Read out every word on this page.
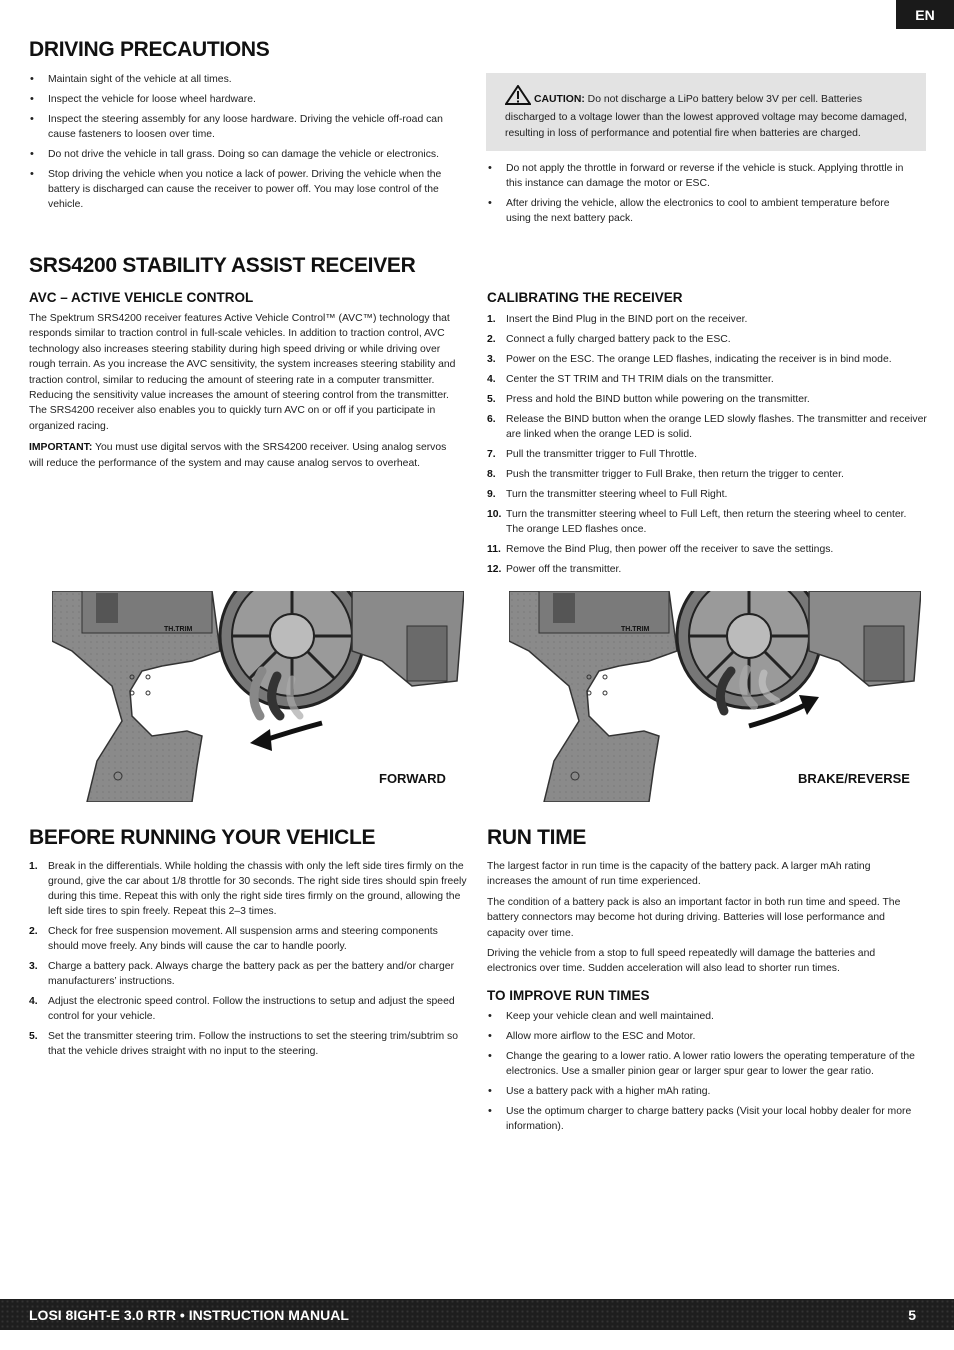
EN
DRIVING PRECAUTIONS
• Maintain sight of the vehicle at all times.
• Inspect the vehicle for loose wheel hardware.
• Inspect the steering assembly for any loose hardware. Driving the vehicle off-road can cause fasteners to loosen over time.
• Do not drive the vehicle in tall grass. Doing so can damage the vehicle or electronics.
• Stop driving the vehicle when you notice a lack of power. Driving the vehicle when the battery is discharged can cause the receiver to power off. You may lose control of the vehicle.

CAUTION: Do not discharge a LiPo battery below 3V per cell. Batteries discharged to a voltage lower than the lowest approved voltage may become damaged, resulting in loss of performance and potential fire when batteries are charged.

• Do not apply the throttle in forward or reverse if the vehicle is stuck. Applying throttle in this instance can damage the motor or ESC.
• After driving the vehicle, allow the electronics to cool to ambient temperature before using the next battery pack.
SRS4200 STABILITY ASSIST RECEIVER
AVC – ACTIVE VEHICLE CONTROL

The Spektrum SRS4200 receiver features Active Vehicle Control™ (AVC™) technology that responds similar to traction control in full-scale vehicles. In addition to traction control, AVC technology also increases steering stability during high speed driving or while driving over rough terrain. As you increase the AVC sensitivity, the system increases steering stability and traction control, similar to reducing the amount of steering rate in a computer transmitter. Reducing the sensitivity value increases the amount of steering control from the transmitter. The SRS4200 receiver also enables you to quickly turn AVC on or off if you participate in organized racing.

IMPORTANT: You must use digital servos with the SRS4200 receiver. Using analog servos will reduce the performance of the system and may cause analog servos to overheat.

CALIBRATING THE RECEIVER
1. Insert the Bind Plug in the BIND port on the receiver.
2. Connect a fully charged battery pack to the ESC.
3. Power on the ESC. The orange LED flashes, indicating the receiver is in bind mode.
4. Center the ST TRIM and TH TRIM dials on the transmitter.
5. Press and hold the BIND button while powering on the transmitter.
6. Release the BIND button when the orange LED slowly flashes. The transmitter and receiver are linked when the orange LED is solid.
7. Pull the transmitter trigger to Full Throttle.
8. Push the transmitter trigger to Full Brake, then return the trigger to center.
9. Turn the transmitter steering wheel to Full Right.
10. Turn the transmitter steering wheel to Full Left, then return the steering wheel to center. The orange LED flashes once.
11. Remove the Bind Plug, then power off the receiver to save the settings.
12. Power off the transmitter.
TH.TRIM
FORWARD
TH.TRIM
BRAKE/REVERSE
BEFORE RUNNING YOUR VEHICLE
1. Break in the differentials. While holding the chassis with only the left side tires firmly on the ground, give the car about 1/8 throttle for 30 seconds. The right side tires should spin freely during this time. Repeat this with only the right side tires firmly on the ground, allowing the left side tires to spin freely. Repeat this 2–3 times.
2. Check for free suspension movement. All suspension arms and steering components should move freely. Any binds will cause the car to handle poorly.
3. Charge a battery pack. Always charge the battery pack as per the battery and/or charger manufacturers’ instructions.
4. Adjust the electronic speed control. Follow the instructions to setup and adjust the speed control for your vehicle.
5. Set the transmitter steering trim. Follow the instructions to set the steering trim/subtrim so that the vehicle drives straight with no input to the steering.
RUN TIME

The largest factor in run time is the capacity of the battery pack. A larger mAh rating increases the amount of run time experienced.

The condition of a battery pack is also an important factor in both run time and speed. The battery connectors may become hot during driving. Batteries will lose performance and capacity over time.

Driving the vehicle from a stop to full speed repeatedly will damage the batteries and electronics over time. Sudden acceleration will also lead to shorter run times.

TO IMPROVE RUN TIMES
• Keep your vehicle clean and well maintained.
• Allow more airflow to the ESC and Motor.
• Change the gearing to a lower ratio. A lower ratio lowers the operating temperature of the electronics. Use a smaller pinion gear or larger spur gear to lower the gear ratio.
• Use a battery pack with a higher mAh rating.
• Use the optimum charger to charge battery packs (Visit your local hobby dealer for more information).
LOSI 8IGHT-E 3.0 RTR • INSTRUCTION MANUAL	5
